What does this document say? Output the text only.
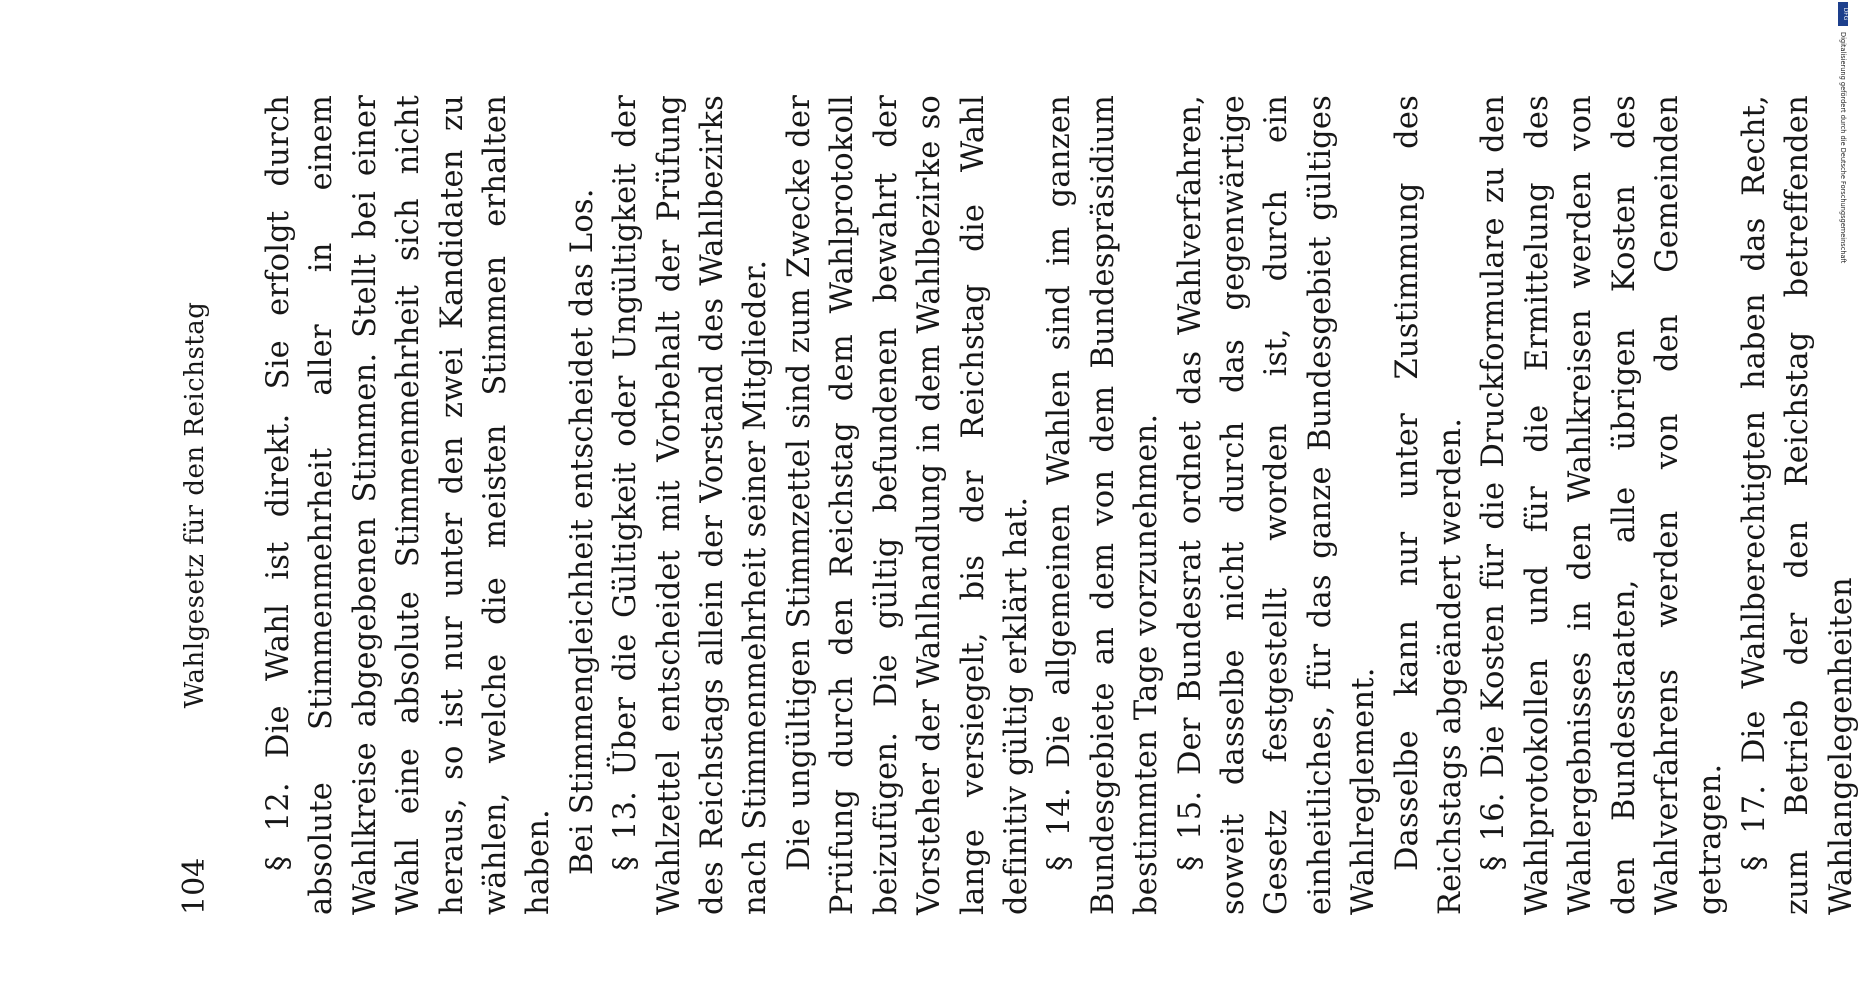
104
Wahlgesetz für den Reichstag § 12. Die Wahl ist direkt. Sie erfolgt durch absolute Stimmenmehrheit aller in einem Wahlkreise abgegebenen Stimmen. Stellt bei einer Wahl eine absolute Stimmenmehrheit sich nicht heraus, so ist nur unter den zwei Kandidaten zu wählen, welche die meisten Stimmen erhalten haben. Bei Stimmengleichheit entscheidet das Los. § 13. Über die Gültigkeit oder Ungültigkeit der Wahlzettel entscheidet mit Vorbehalt der Prüfung des Reichstags allein der Vorstand des Wahlbezirks nach Stimmenmehrheit seiner Mitglieder. Die ungültigen Stimmzettel sind zum Zwecke der Prüfung durch den Reichstag dem Wahlprotokoll beizufügen. Die gültig befundenen bewahrt der Vorsteher der Wahlhandlung in dem Wahlbezirke so lange versiegelt, bis der Reichstag die Wahl definitiv gültig erklärt hat. § 14. Die allgemeinen Wahlen sind im ganzen Bundesgebiete an dem von dem Bundespräsidium bestimmten Tage vorzunehmen. § 15. Der Bundesrat ordnet das Wahlverfahren, soweit dasselbe nicht durch das gegenwärtige Gesetz festgestellt worden ist, durch ein einheitliches, für das ganze Bundesgebiet gültiges Wahlreglement. Dasselbe kann nur unter Zustimmung des Reichstags abgeändert werden. § 16. Die Kosten für die Druckformulare zu den Wahlprotokollen und für die Ermittelung des Wahlergebnisses in den Wahlkreisen werden von den Bundesstaaten, alle übrigen Kosten des Wahlverfahrens werden von den Gemeinden getragen. § 17. Die Wahlberechtigten haben das Recht, zum Betrieb der den Reichstag betreffenden Wahlangelegenheiten

DFG
Digitalisierung gefördert durch die Deutsche Forschungsgemeinschaft
